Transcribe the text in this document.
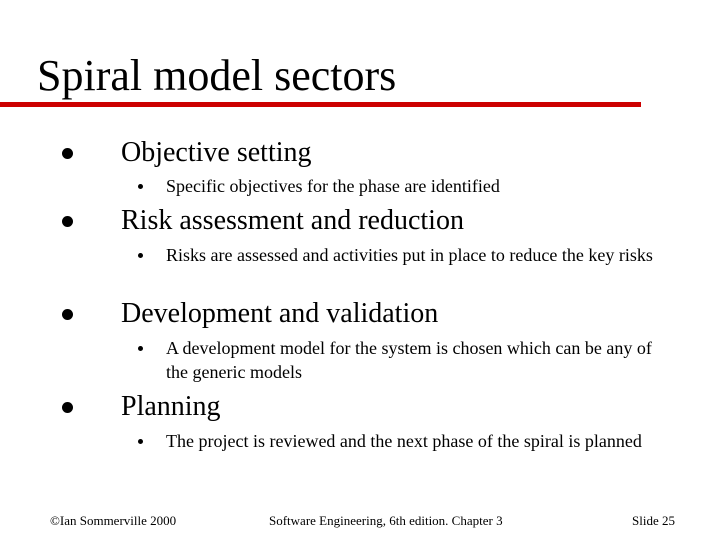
Spiral model sectors
Objective setting
Specific objectives for the phase are identified
Risk assessment and reduction
Risks are assessed and activities put in place to reduce the key risks
Development and validation
A development model for the system is chosen which can be any of the generic models
Planning
The project is reviewed and the next phase of the spiral is planned
©Ian Sommerville 2000	Software Engineering, 6th edition. Chapter 3	Slide 25
